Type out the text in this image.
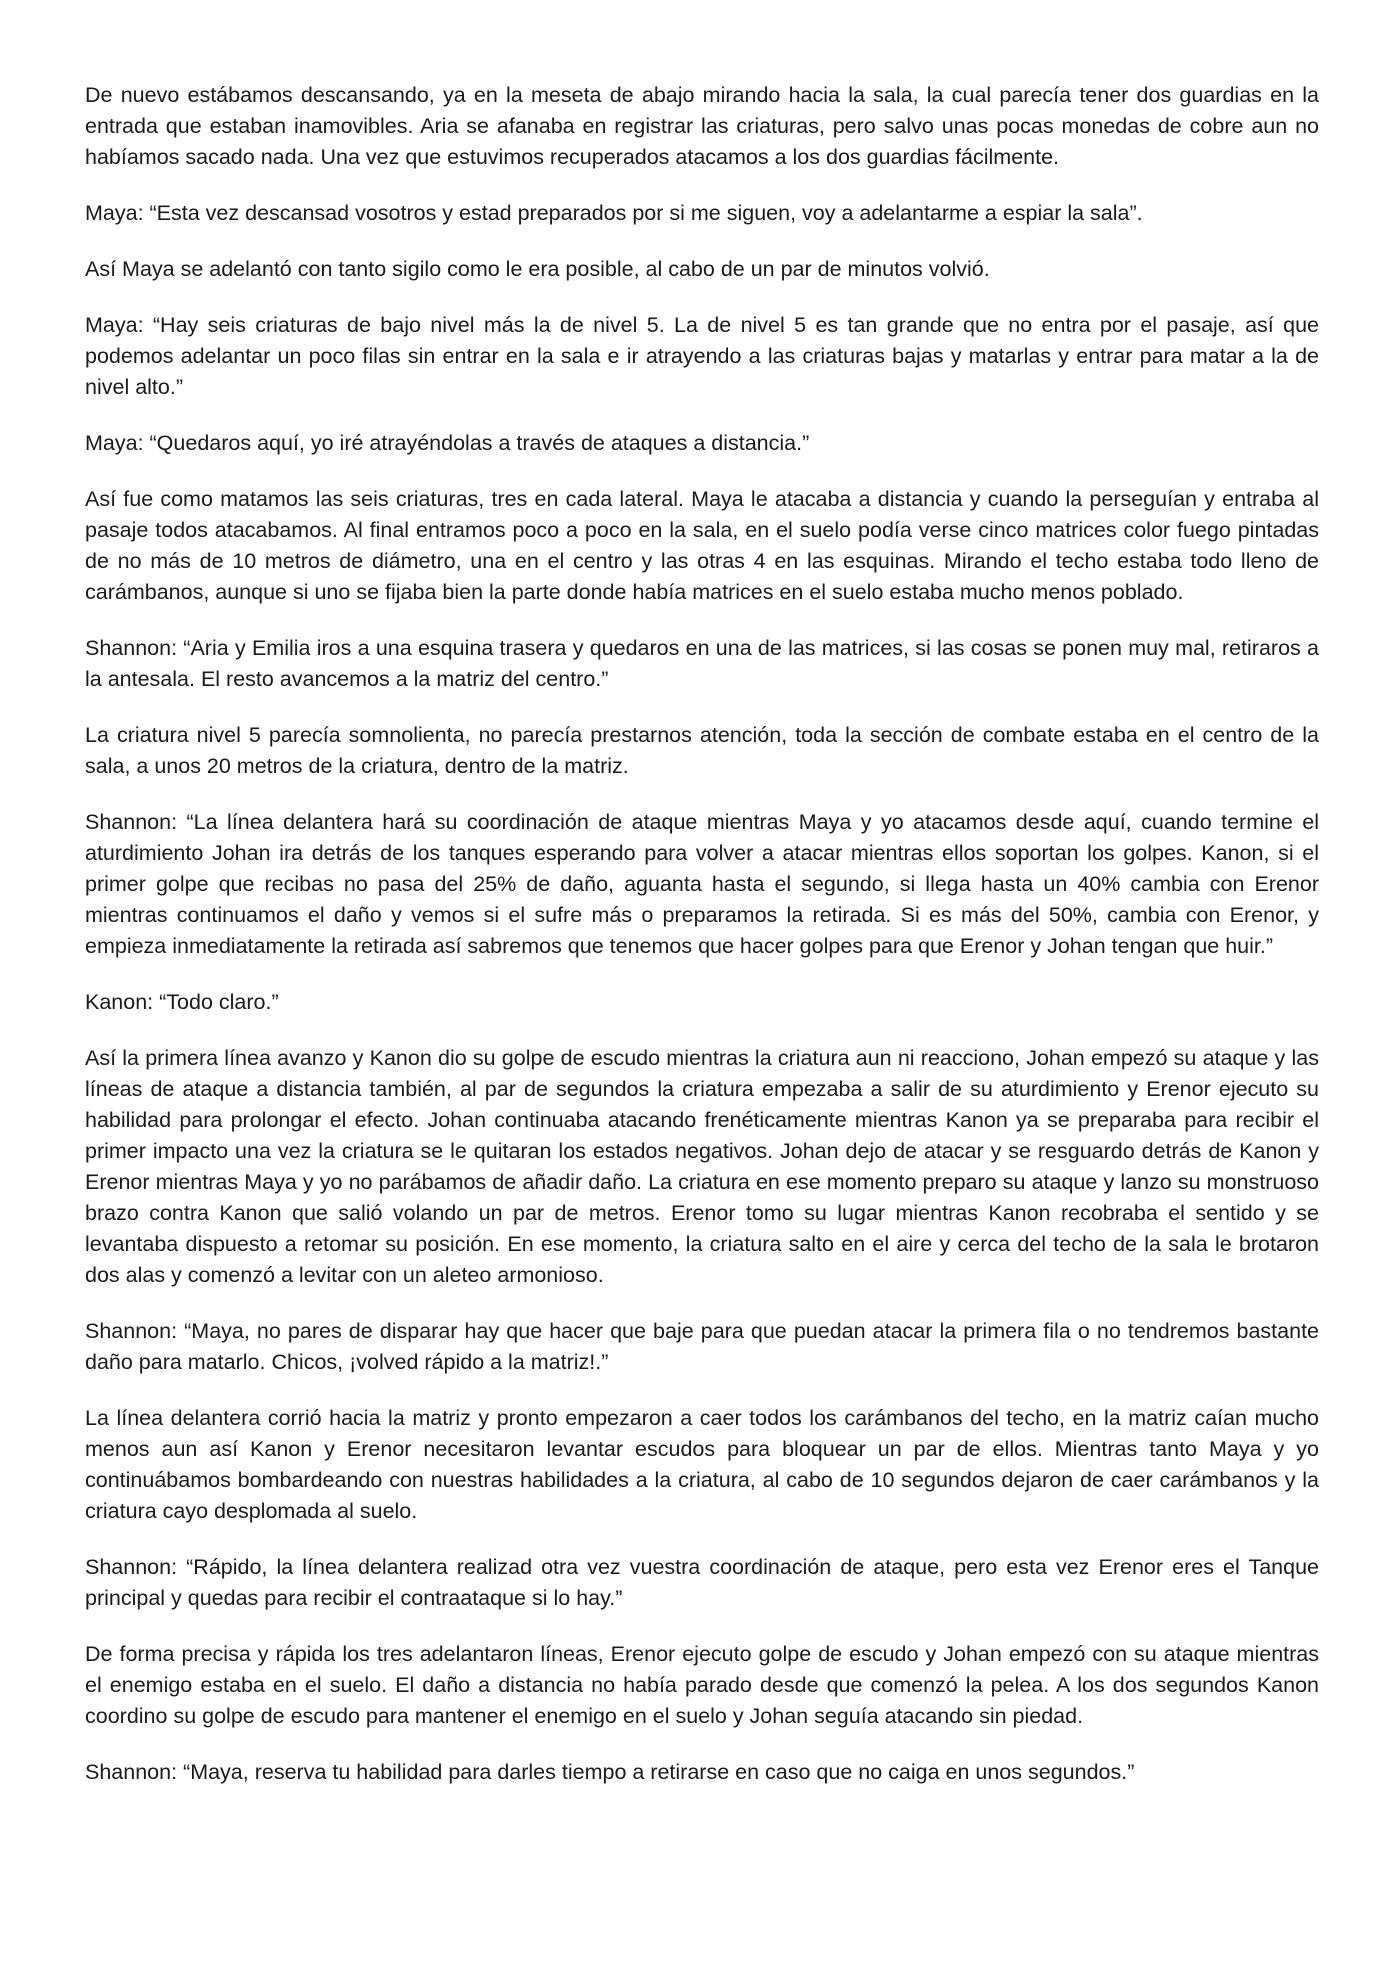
De nuevo estábamos descansando, ya en la meseta de abajo mirando hacia la sala, la cual parecía tener dos guardias en la entrada que estaban inamovibles. Aria se afanaba en registrar las criaturas, pero salvo unas pocas monedas de cobre aun no habíamos sacado nada. Una vez que estuvimos recuperados atacamos a los dos guardias fácilmente.

Maya: “Esta vez descansad vosotros y estad preparados por si me siguen, voy a adelantarme a espiar la sala”.

Así Maya se adelantó con tanto sigilo como le era posible, al cabo de un par de minutos volvió.

Maya: “Hay seis criaturas de bajo nivel más la de nivel 5. La de nivel 5 es tan grande que no entra por el pasaje, así que podemos adelantar un poco filas sin entrar en la sala e ir atrayendo a las criaturas bajas y matarlas y entrar para matar a la de nivel alto.”

Maya: “Quedaros aquí, yo iré atrayéndolas a través de ataques a distancia.”

Así fue como matamos las seis criaturas, tres en cada lateral. Maya le atacaba a distancia y cuando la perseguían y entraba al pasaje todos atacabamos. Al final entramos poco a poco en la sala, en el suelo podía verse cinco matrices color fuego pintadas de no más de 10 metros de diámetro, una en el centro y las otras 4 en las esquinas. Mirando el techo estaba todo lleno de carámbanos, aunque si uno se fijaba bien la parte donde había matrices en el suelo estaba mucho menos poblado.

Shannon: “Aria y Emilia iros a una esquina trasera y quedaros en una de las matrices, si las cosas se ponen muy mal, retiraros a la antesala. El resto avancemos a la matriz del centro.”

La criatura nivel 5 parecía somnolienta, no parecía prestarnos atención, toda la sección de combate estaba en el centro de la sala, a unos 20 metros de la criatura, dentro de la matriz.

Shannon: “La línea delantera hará su coordinación de ataque mientras Maya y yo atacamos desde aquí, cuando termine el aturdimiento Johan ira detrás de los tanques esperando para volver a atacar mientras ellos soportan los golpes. Kanon, si el primer golpe que recibas no pasa del 25% de daño, aguanta hasta el segundo, si llega hasta un 40% cambia con Erenor mientras continuamos el daño y vemos si el sufre más o preparamos la retirada. Si es más del 50%, cambia con Erenor, y empieza inmediatamente la retirada así sabremos que tenemos que hacer golpes para que Erenor y Johan tengan que huir.”

Kanon: “Todo claro.”

Así la primera línea avanzo y Kanon dio su golpe de escudo mientras la criatura aun ni reacciono, Johan empezó su ataque y las líneas de ataque a distancia también, al par de segundos la criatura empezaba a salir de su aturdimiento y Erenor ejecuto su habilidad para prolongar el efecto. Johan continuaba atacando frenéticamente mientras Kanon ya se preparaba para recibir el primer impacto una vez la criatura se le quitaran los estados negativos. Johan dejo de atacar y se resguardo detrás de Kanon y Erenor mientras Maya y yo no parábamos de añadir daño. La criatura en ese momento preparo su ataque y lanzo su monstruoso brazo contra Kanon que salió volando un par de metros. Erenor tomo su lugar mientras Kanon recobraba el sentido y se levantaba dispuesto a retomar su posición. En ese momento, la criatura salto en el aire y cerca del techo de la sala le brotaron dos alas y comenzó a levitar con un aleteo armonioso.

Shannon: “Maya, no pares de disparar hay que hacer que baje para que puedan atacar la primera fila o no tendremos bastante daño para matarlo. Chicos, ¡volved rápido a la matriz!.”

La línea delantera corrió hacia la matriz y pronto empezaron a caer todos los carámbanos del techo, en la matriz caían mucho menos aun así Kanon y Erenor necesitaron levantar escudos para bloquear un par de ellos. Mientras tanto Maya y yo continuábamos bombardeando con nuestras habilidades a la criatura, al cabo de 10 segundos dejaron de caer carámbanos y la criatura cayo desplomada al suelo.

Shannon: “Rápido, la línea delantera realizad otra vez vuestra coordinación de ataque, pero esta vez Erenor eres el Tanque principal y quedas para recibir el contraataque si lo hay.”

De forma precisa y rápida los tres adelantaron líneas, Erenor ejecuto golpe de escudo y Johan empezó con su ataque mientras el enemigo estaba en el suelo. El daño a distancia no había parado desde que comenzó la pelea. A los dos segundos Kanon coordino su golpe de escudo para mantener el enemigo en el suelo y Johan seguía atacando sin piedad.

Shannon: “Maya, reserva tu habilidad para darles tiempo a retirarse en caso que no caiga en unos segundos.”
